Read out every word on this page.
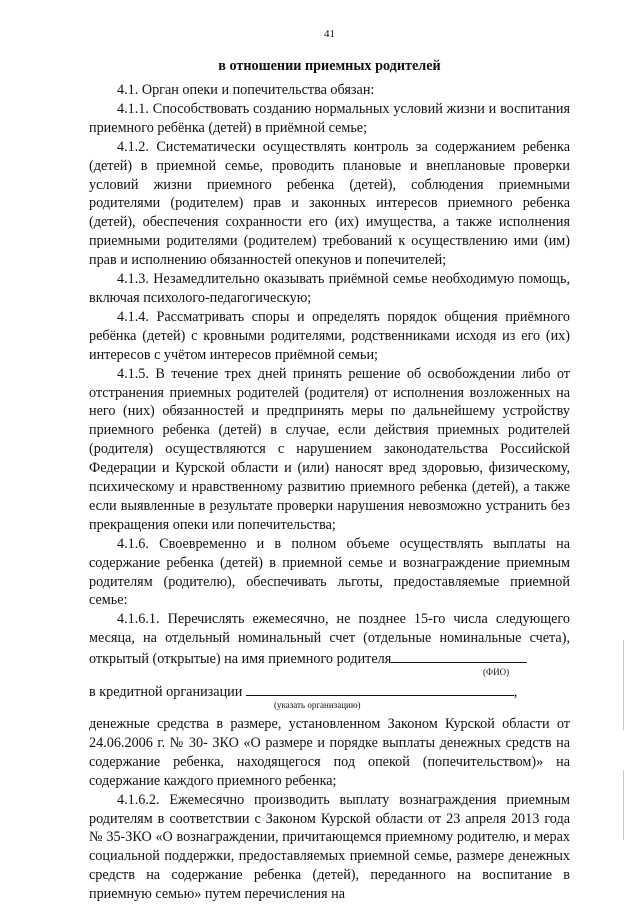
41
в отношении приемных родителей

4.1. Орган опеки и попечительства обязан:

4.1.1. Способствовать созданию нормальных условий жизни и воспитания приемного ребёнка (детей) в приёмной семье;

4.1.2. Систематически осуществлять контроль за содержанием ребенка (детей) в приемной семье, проводить плановые и внеплановые проверки условий жизни приемного ребенка (детей), соблюдения приемными родителями (родителем) прав и законных интересов приемного ребенка (детей), обеспечения сохранности его (их) имущества, а также исполнения приемными родителями (родителем) требований к осуществлению ими (им) прав и исполнению обязанностей опекунов и попечителей;

4.1.3. Незамедлительно оказывать приёмной семье необходимую помощь, включая психолого-педагогическую;

4.1.4. Рассматривать споры и определять порядок общения приёмного ребёнка (детей) с кровными родителями, родственниками исходя из его (их) интересов с учётом интересов приёмной семьи;

4.1.5. В течение трех дней принять решение об освобождении либо от отстранения приемных родителей (родителя) от исполнения возложенных на него (них) обязанностей и предпринять меры по дальнейшему устройству приемного ребенка (детей) в случае, если действия приемных родителей (родителя) осуществляются с нарушением законодательства Российской Федерации и Курской области и (или) наносят вред здоровью, физическому, психическому и нравственному развитию приемного ребенка (детей), а также если выявленные в результате проверки нарушения невозможно устранить без прекращения опеки или попечительства;

4.1.6. Своевременно и в полном объеме осуществлять выплаты на содержание ребенка (детей) в приемной семье и вознаграждение приемным родителям (родителю), обеспечивать льготы, предоставляемые приемной семье:

4.1.6.1. Перечислять ежемесячно, не позднее 15-го числа следующего месяца, на отдельный номинальный счет (отдельные номинальные счета), открытый (открытые) на имя приемного родителя

(ФИО)

в кредитной организации	,

(указать организацию)

денежные средства в размере, установленном Законом Курской области от 24.06.2006 г. № 30- ЗКО «О размере и порядке выплаты денежных средств на содержание ребенка, находящегося под опекой (попечительством)» на содержание каждого приемного ребенка;

4.1.6.2. Ежемесячно производить выплату вознаграждения приемным родителям в соответствии с Законом Курской области от 23 апреля 2013 года № 35-ЗКО «О вознаграждении, причитающемся приемному родителю, и мерах социальной поддержки, предоставляемых приемной семье, размере денежных средств на содержание ребенка (детей), переданного на воспитание в приемную семью» путем перечисления на
